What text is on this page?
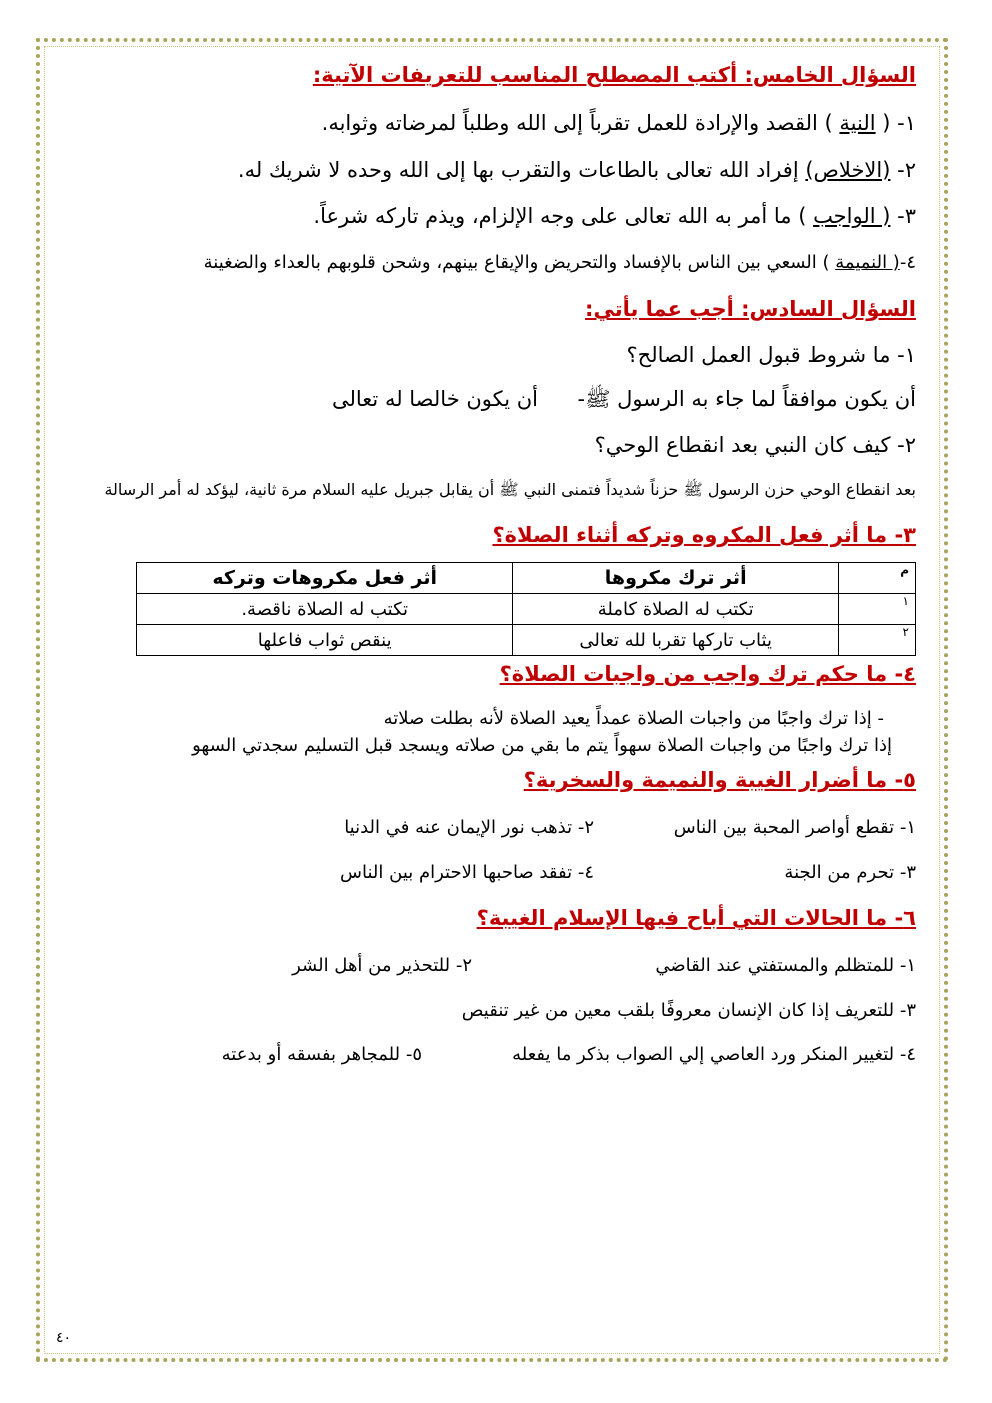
السؤال الخامس: أكتب المصطلح المناسب للتعريفات الآتية:
١- ( النية ) القصد والإرادة للعمل تقرباً إلى الله وطلباً لمرضاته وثوابه.
٢- (الاخلاص) إفراد الله تعالى بالطاعات والتقرب بها إلى الله وحده لا شريك له.
٣- ( الواجب ) ما أمر به الله تعالى على وجه الإلزام، ويذم تاركه شرعاً.
٤-( النميمة ) السعي بين الناس بالإفساد والتحريض والإيقاع بينهم، وشحن قلوبهم بالعداء والضغينة
السؤال السادس: أجب عما يأتي:
١- ما شروط قبول العمل الصالح؟
أن يكون موافقاً لما جاء به الرسول ﷺ-
أن يكون خالصا له تعالى
٢- كيف كان النبي بعد انقطاع الوحي؟
بعد انقطاع الوحي حزن الرسول ﷺ حزناً شديداً فتمنى النبي ﷺ أن يقابل جبريل عليه السلام مرة ثانية، ليؤكد له أمر الرسالة
٣- ما أثر فعل المكروه وتركه أثناء الصلاة؟
م	أثر ترك مكروها	أثر فعل مكروهات وتركه
١	تكتب له الصلاة كاملة	تكتب له الصلاة ناقصة.
٢	يثاب تاركها تقربا لله تعالى	ينقص ثواب فاعلها
٤- ما حكم ترك واجب من واجبات الصلاة؟
- إذا ترك واجبًا من واجبات الصلاة عمداً يعيد الصلاة لأنه بطلت صلاته
إذا ترك واجبًا من واجبات الصلاة سهواً يتم ما بقي من صلاته ويسجد قبل التسليم سجدتي السهو
٥- ما أضرار الغيبة والنميمة والسخرية؟
١- تقطع أواصر المحبة بين الناس
٢- تذهب نور الإيمان عنه في الدنيا
٣- تحرم من الجنة
٤- تفقد صاحبها الاحترام بين الناس
٦- ما الحالات التي أباح فيها الإسلام الغيبة؟
١- للمتظلم والمستفتي عند القاضي
٢- للتحذير من أهل الشر
٣- للتعريف إذا كان الإنسان معروفًا بلقب معين من غير تنقيص
٤- لتغيير المنكر ورد العاصي إلي الصواب بذكر ما يفعله
٥- للمجاهر بفسقه أو بدعته
٤٠
